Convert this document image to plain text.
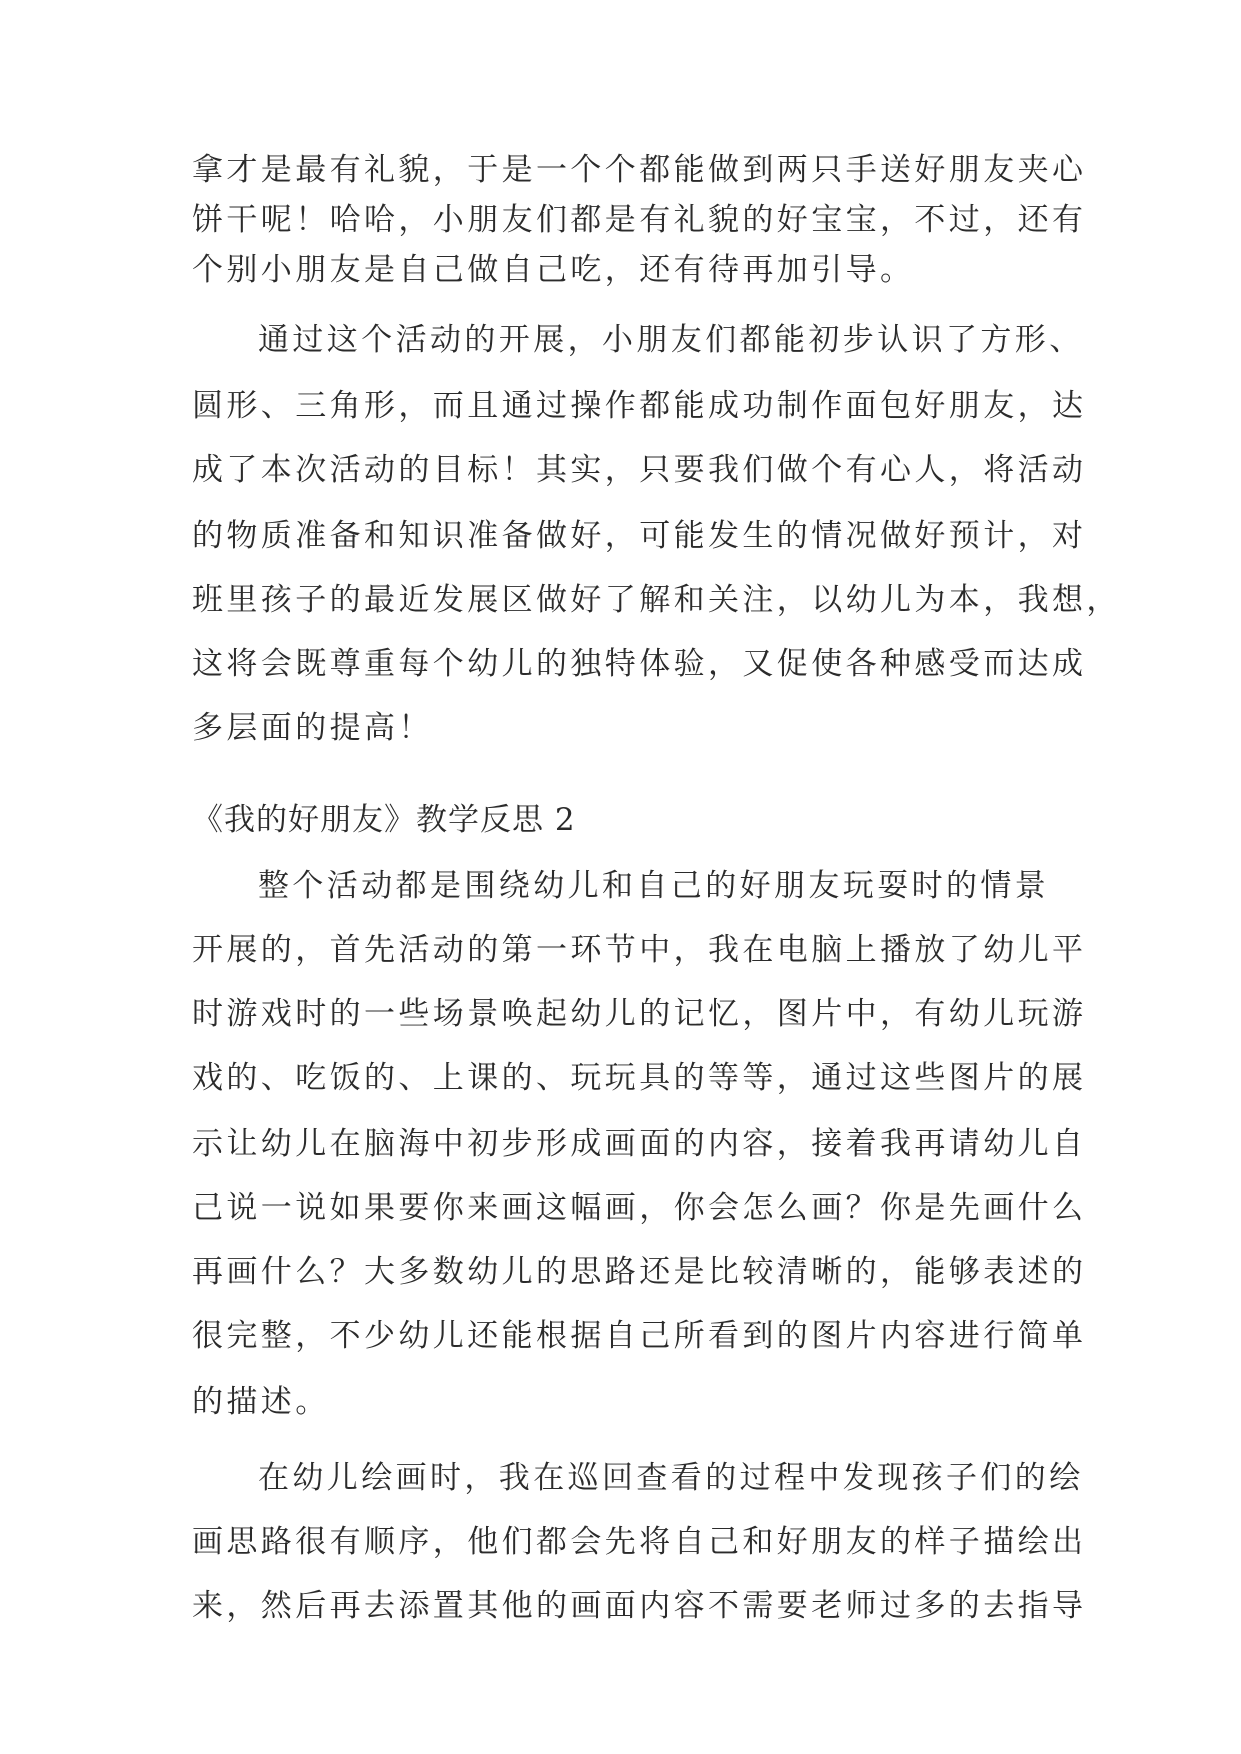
拿才是最有礼貌，于是一个个都能做到两只手送好朋友夹心

饼干呢！哈哈，小朋友们都是有礼貌的好宝宝，不过，还有

个别小朋友是自己做自己吃，还有待再加引导。

通过这个活动的开展，小朋友们都能初步认识了方形、

圆形、三角形，而且通过操作都能成功制作面包好朋友，达

成了本次活动的目标！其实，只要我们做个有心人，将活动

的物质准备和知识准备做好，可能发生的情况做好预计，对

班里孩子的最近发展区做好了解和关注，以幼儿为本，我想，

这将会既尊重每个幼儿的独特体验，又促使各种感受而达成

多层面的提高！

《我的好朋友》教学反思 2

整个活动都是围绕幼儿和自己的好朋友玩耍时的情景

开展的，首先活动的第一环节中，我在电脑上播放了幼儿平

时游戏时的一些场景唤起幼儿的记忆，图片中，有幼儿玩游

戏的、吃饭的、上课的、玩玩具的等等，通过这些图片的展

示让幼儿在脑海中初步形成画面的内容，接着我再请幼儿自

己说一说如果要你来画这幅画，你会怎么画？你是先画什么

再画什么？大多数幼儿的思路还是比较清晰的，能够表述的

很完整，不少幼儿还能根据自己所看到的图片内容进行简单

的描述。

在幼儿绘画时，我在巡回查看的过程中发现孩子们的绘

画思路很有顺序，他们都会先将自己和好朋友的样子描绘出

来，然后再去添置其他的画面内容不需要老师过多的去指导
